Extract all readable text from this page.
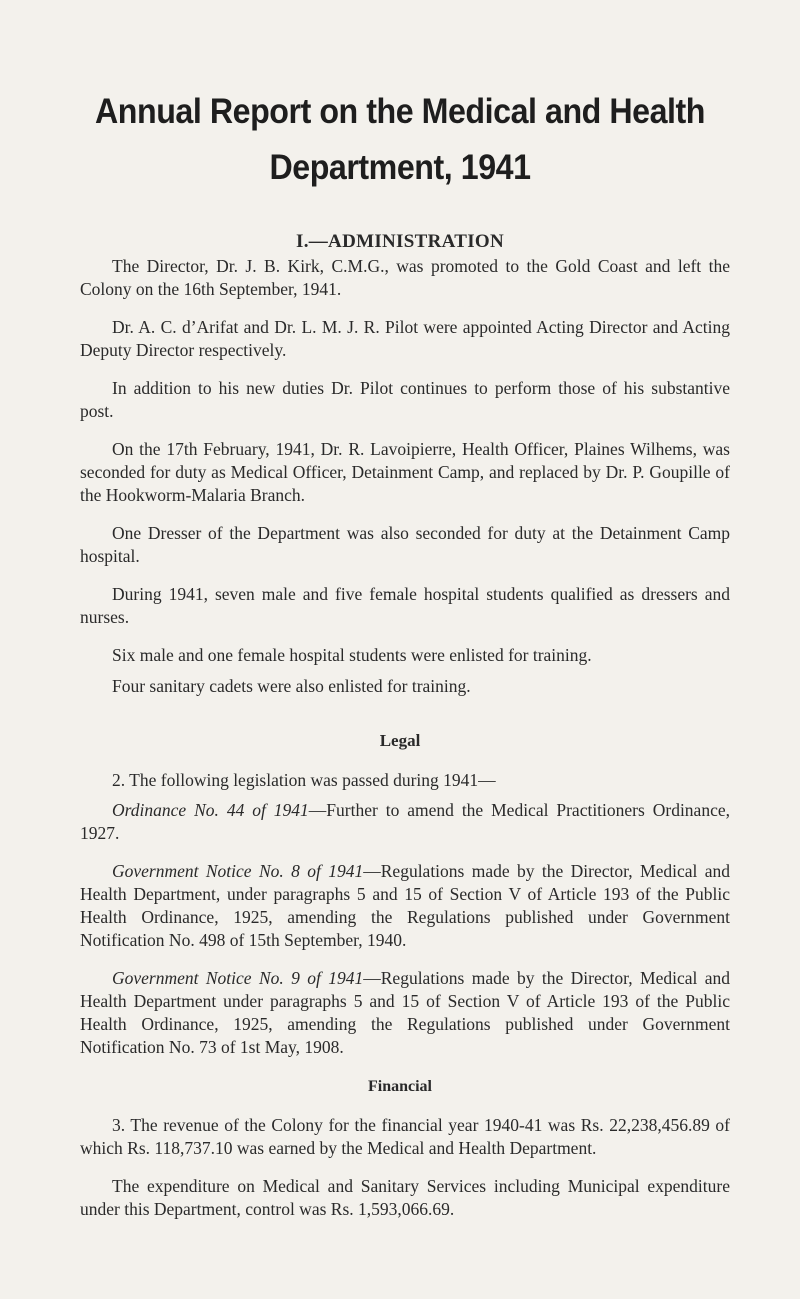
Annual Report on the Medical and Health
Department, 1941
I.—ADMINISTRATION

The Director, Dr. J. B. Kirk, C.M.G., was promoted to the Gold Coast and left the Colony on the 16th September, 1941.

Dr. A. C. d’Arifat and Dr. L. M. J. R. Pilot were appointed Acting Director and Acting Deputy Director respectively.

In addition to his new duties Dr. Pilot continues to perform those of his substantive post.

On the 17th February, 1941, Dr. R. Lavoipierre, Health Officer, Plaines Wilhems, was seconded for duty as Medical Officer, Detainment Camp, and replaced by Dr. P. Goupille of the Hookworm-Malaria Branch.

One Dresser of the Department was also seconded for duty at the Detainment Camp hospital.

During 1941, seven male and five female hospital students qualified as dressers and nurses.

Six male and one female hospital students were enlisted for training.

Four sanitary cadets were also enlisted for training.

Legal

2. The following legislation was passed during 1941—

Ordinance No. 44 of 1941—Further to amend the Medical Practitioners Ordinance, 1927.

Government Notice No. 8 of 1941—Regulations made by the Director, Medical and Health Department, under paragraphs 5 and 15 of Section V of Article 193 of the Public Health Ordinance, 1925, amending the Regulations published under Government Notification No. 498 of 15th September, 1940.

Government Notice No. 9 of 1941—Regulations made by the Director, Medical and Health Department under paragraphs 5 and 15 of Section V of Article 193 of the Public Health Ordinance, 1925, amending the Regulations published under Government Notification No. 73 of 1st May, 1908.

Financial

3. The revenue of the Colony for the financial year 1940-41 was Rs. 22,238,456.89 of which Rs. 118,737.10 was earned by the Medical and Health Department.

The expenditure on Medical and Sanitary Services including Municipal expenditure under this Department, control was Rs. 1,593,066.69.
